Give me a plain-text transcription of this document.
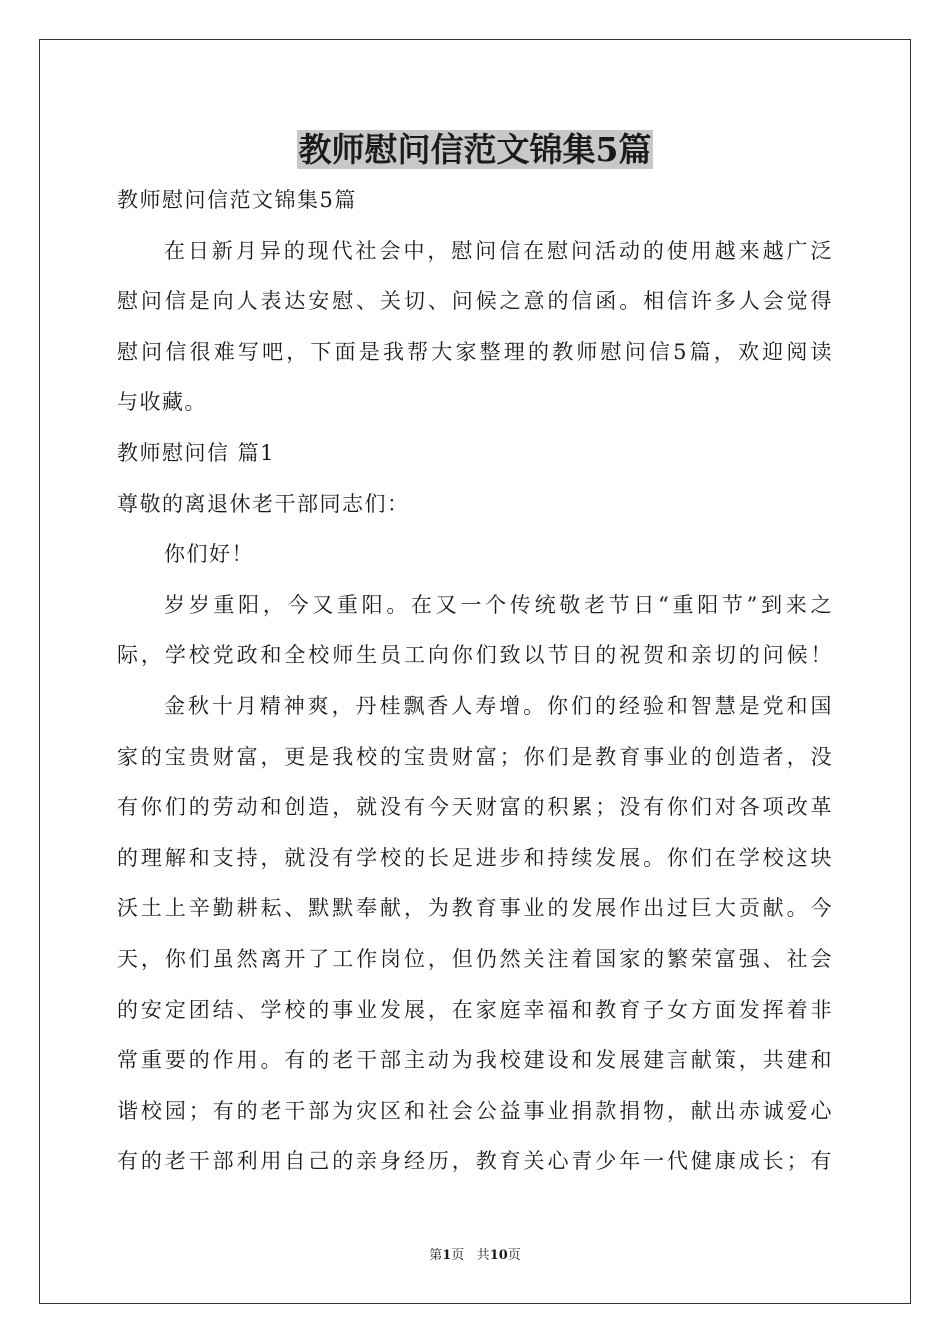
教师慰问信范文锦集5篇
教师慰问信范文锦集5篇
在日新月异的现代社会中，慰问信在慰问活动的使用越来越广泛
慰问信是向人表达安慰、关切、问候之意的信函。相信许多人会觉得
慰问信很难写吧，下面是我帮大家整理的教师慰问信5篇，欢迎阅读
与收藏。
教师慰问信 篇1
尊敬的离退休老干部同志们：
你们好！
岁岁重阳，今又重阳。在又一个传统敬老节日“重阳节”到来之
际，学校党政和全校师生员工向你们致以节日的祝贺和亲切的问候！
金秋十月精神爽，丹桂飘香人寿增。你们的经验和智慧是党和国
家的宝贵财富，更是我校的宝贵财富；你们是教育事业的创造者，没
有你们的劳动和创造，就没有今天财富的积累；没有你们对各项改革
的理解和支持，就没有学校的长足进步和持续发展。你们在学校这块
沃土上辛勤耕耘、默默奉献，为教育事业的发展作出过巨大贡献。今
天，你们虽然离开了工作岗位，但仍然关注着国家的繁荣富强、社会
的安定团结、学校的事业发展，在家庭幸福和教育子女方面发挥着非
常重要的作用。有的老干部主动为我校建设和发展建言献策，共建和
谐校园；有的老干部为灾区和社会公益事业捐款捐物，献出赤诚爱心
有的老干部利用自己的亲身经历，教育关心青少年一代健康成长；有
第1页 共10页
